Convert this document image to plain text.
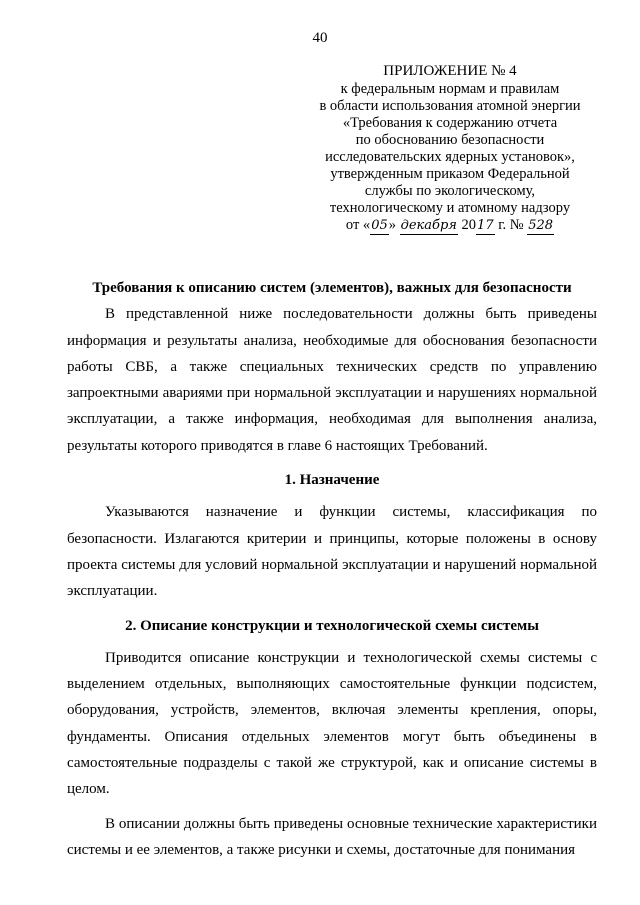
40
ПРИЛОЖЕНИЕ № 4
к федеральным нормам и правилам
в области использования атомной энергии
«Требования к содержанию отчета
по обоснованию безопасности
исследовательских ядерных установок»,
утвержденным приказом Федеральной
службы по экологическому,
технологическому и атомному надзору
от «05» декабря 2017 г. № 528

Требования к описанию систем (элементов), важных для безопасности

В представленной ниже последовательности должны быть приведены информация и результаты анализа, необходимые для обоснования безопасности работы СВБ, а также специальных технических средств по управлению запроектными авариями при нормальной эксплуатации и нарушениях нормальной эксплуатации, а также информация, необходимая для выполнения анализа, результаты которого приводятся в главе 6 настоящих Требований.

1. Назначение

Указываются назначение и функции системы, классификация по безопасности. Излагаются критерии и принципы, которые положены в основу проекта системы для условий нормальной эксплуатации и нарушений нормальной эксплуатации.

2. Описание конструкции и технологической схемы системы

Приводится описание конструкции и технологической схемы системы с выделением отдельных, выполняющих самостоятельные функции подсистем, оборудования, устройств, элементов, включая элементы крепления, опоры, фундаменты. Описания отдельных элементов могут быть объединены в самостоятельные подразделы с такой же структурой, как и описание системы в целом.

В описании должны быть приведены основные технические характеристики системы и ее элементов, а также рисунки и схемы, достаточные для понимания
